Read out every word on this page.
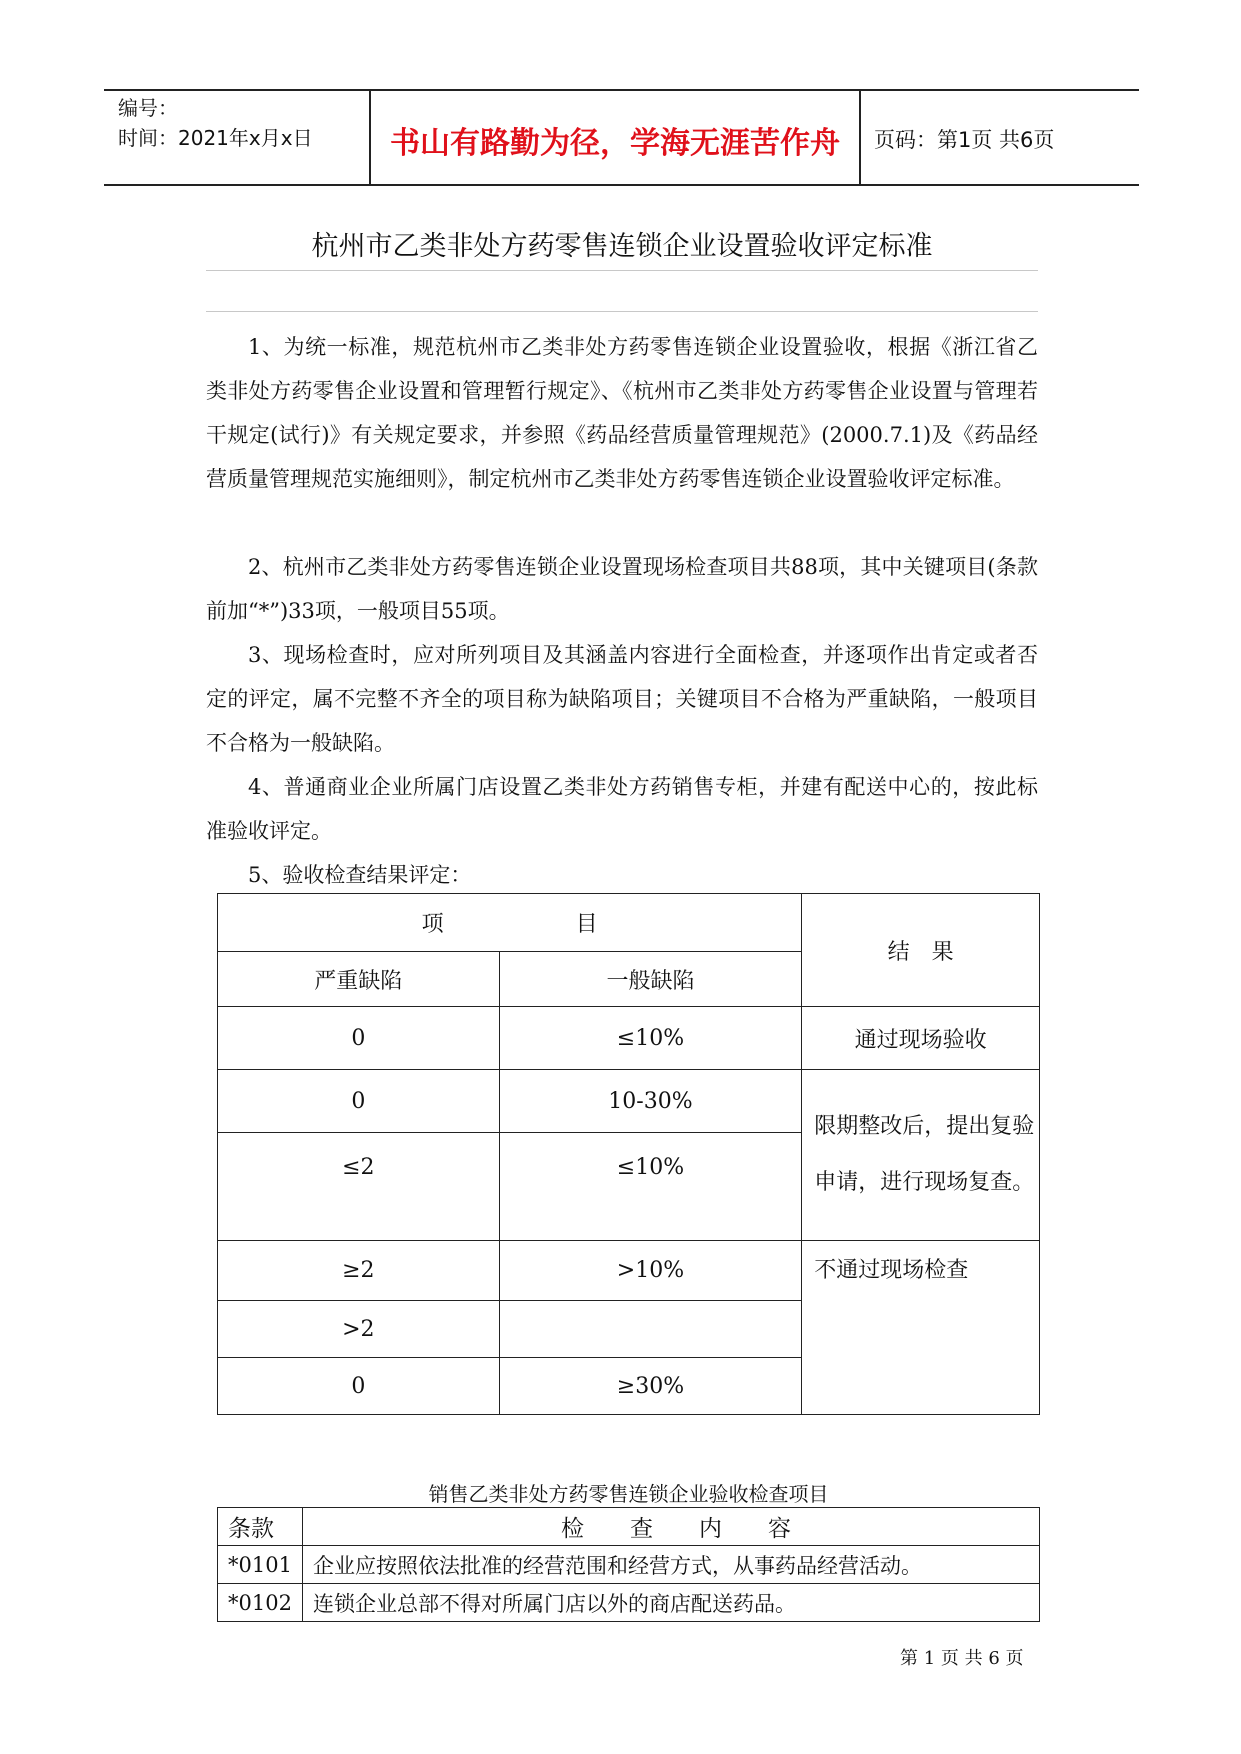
编号：
时间：2021年x月x日	书山有路勤为径，学海无涯苦作舟	页码：第1页 共6页
杭州市乙类非处方药零售连锁企业设置验收评定标准

1、为统一标准，规范杭州市乙类非处方药零售连锁企业设置验收，根据《浙江省乙类非处方药零售企业设置和管理暂行规定》、《杭州市乙类非处方药零售企业设置与管理若干规定(试行)》有关规定要求，并参照《药品经营质量管理规范》(2000.7.1)及《药品经营质量管理规范实施细则》，制定杭州市乙类非处方药零售连锁企业设置验收评定标准。

2、杭州市乙类非处方药零售连锁企业设置现场检查项目共88项，其中关键项目(条款前加“*”)33项，一般项目55项。

3、现场检查时，应对所列项目及其涵盖内容进行全面检查，并逐项作出肯定或者否定的评定，属不完整不齐全的项目称为缺陷项目；关键项目不合格为严重缺陷，一般项目不合格为一般缺陷。

4、普通商业企业所属门店设置乙类非处方药销售专柜，并建有配送中心的，按此标准验收评定。

5、验收检查结果评定：

项　　　　　　目		结　果
严重缺陷	一般缺陷	
0	≤10%	通过现场验收
0	10-30%	限期整改后，提出复验申请，进行现场复查。
≤2	≤10%	
≥2	>10%	不通过现场检查
>2		
0	≥30%	
销售乙类非处方药零售连锁企业验收检查项目
条款	检　　查　　内　　容
*0101	企业应按照依法批准的经营范围和经营方式，从事药品经营活动。
*0102	连锁企业总部不得对所属门店以外的商店配送药品。
第 1 页 共 6 页
